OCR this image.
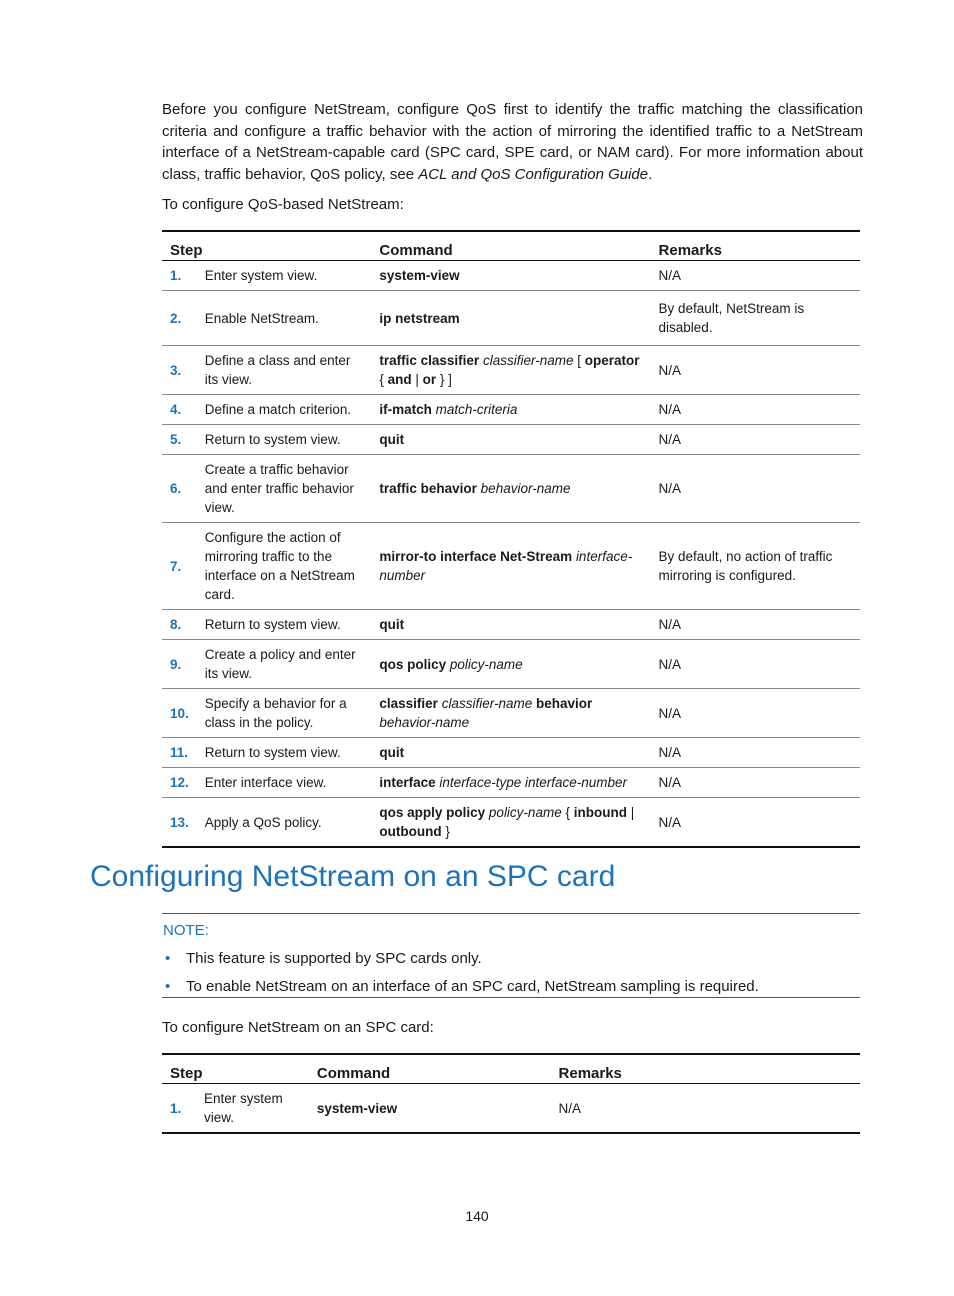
Before you configure NetStream, configure QoS first to identify the traffic matching the classification criteria and configure a traffic behavior with the action of mirroring the identified traffic to a NetStream interface of a NetStream-capable card (SPC card, SPE card, or NAM card). For more information about class, traffic behavior, QoS policy, see ACL and QoS Configuration Guide.

To configure QoS-based NetStream:

Step		Command	Remarks
1.	Enter system view.	system-view	N/A
2.	Enable NetStream.	ip netstream	By default, NetStream is disabled.
3.	Define a class and enter its view.	traffic classifier classifier-name [ operator { and | or } ]	N/A
4.	Define a match criterion.	if-match match-criteria	N/A
5.	Return to system view.	quit	N/A
6.	Create a traffic behavior and enter traffic behavior view.	traffic behavior behavior-name	N/A
7.	Configure the action of mirroring traffic to the interface on a NetStream card.	mirror-to interface Net-Stream interface-number	By default, no action of traffic mirroring is configured.
8.	Return to system view.	quit	N/A
9.	Create a policy and enter its view.	qos policy policy-name	N/A
10.	Specify a behavior for a class in the policy.	classifier classifier-name behavior behavior-name	N/A
11.	Return to system view.	quit	N/A
12.	Enter interface view.	interface interface-type interface-number	N/A
13.	Apply a QoS policy.	qos apply policy policy-name { inbound | outbound }	N/A
Configuring NetStream on an SPC card
NOTE:
• This feature is supported by SPC cards only.
• To enable NetStream on an interface of an SPC card, NetStream sampling is required.

To configure NetStream on an SPC card:

Step		Command	Remarks
1.	Enter system view.	system-view	N/A
140
